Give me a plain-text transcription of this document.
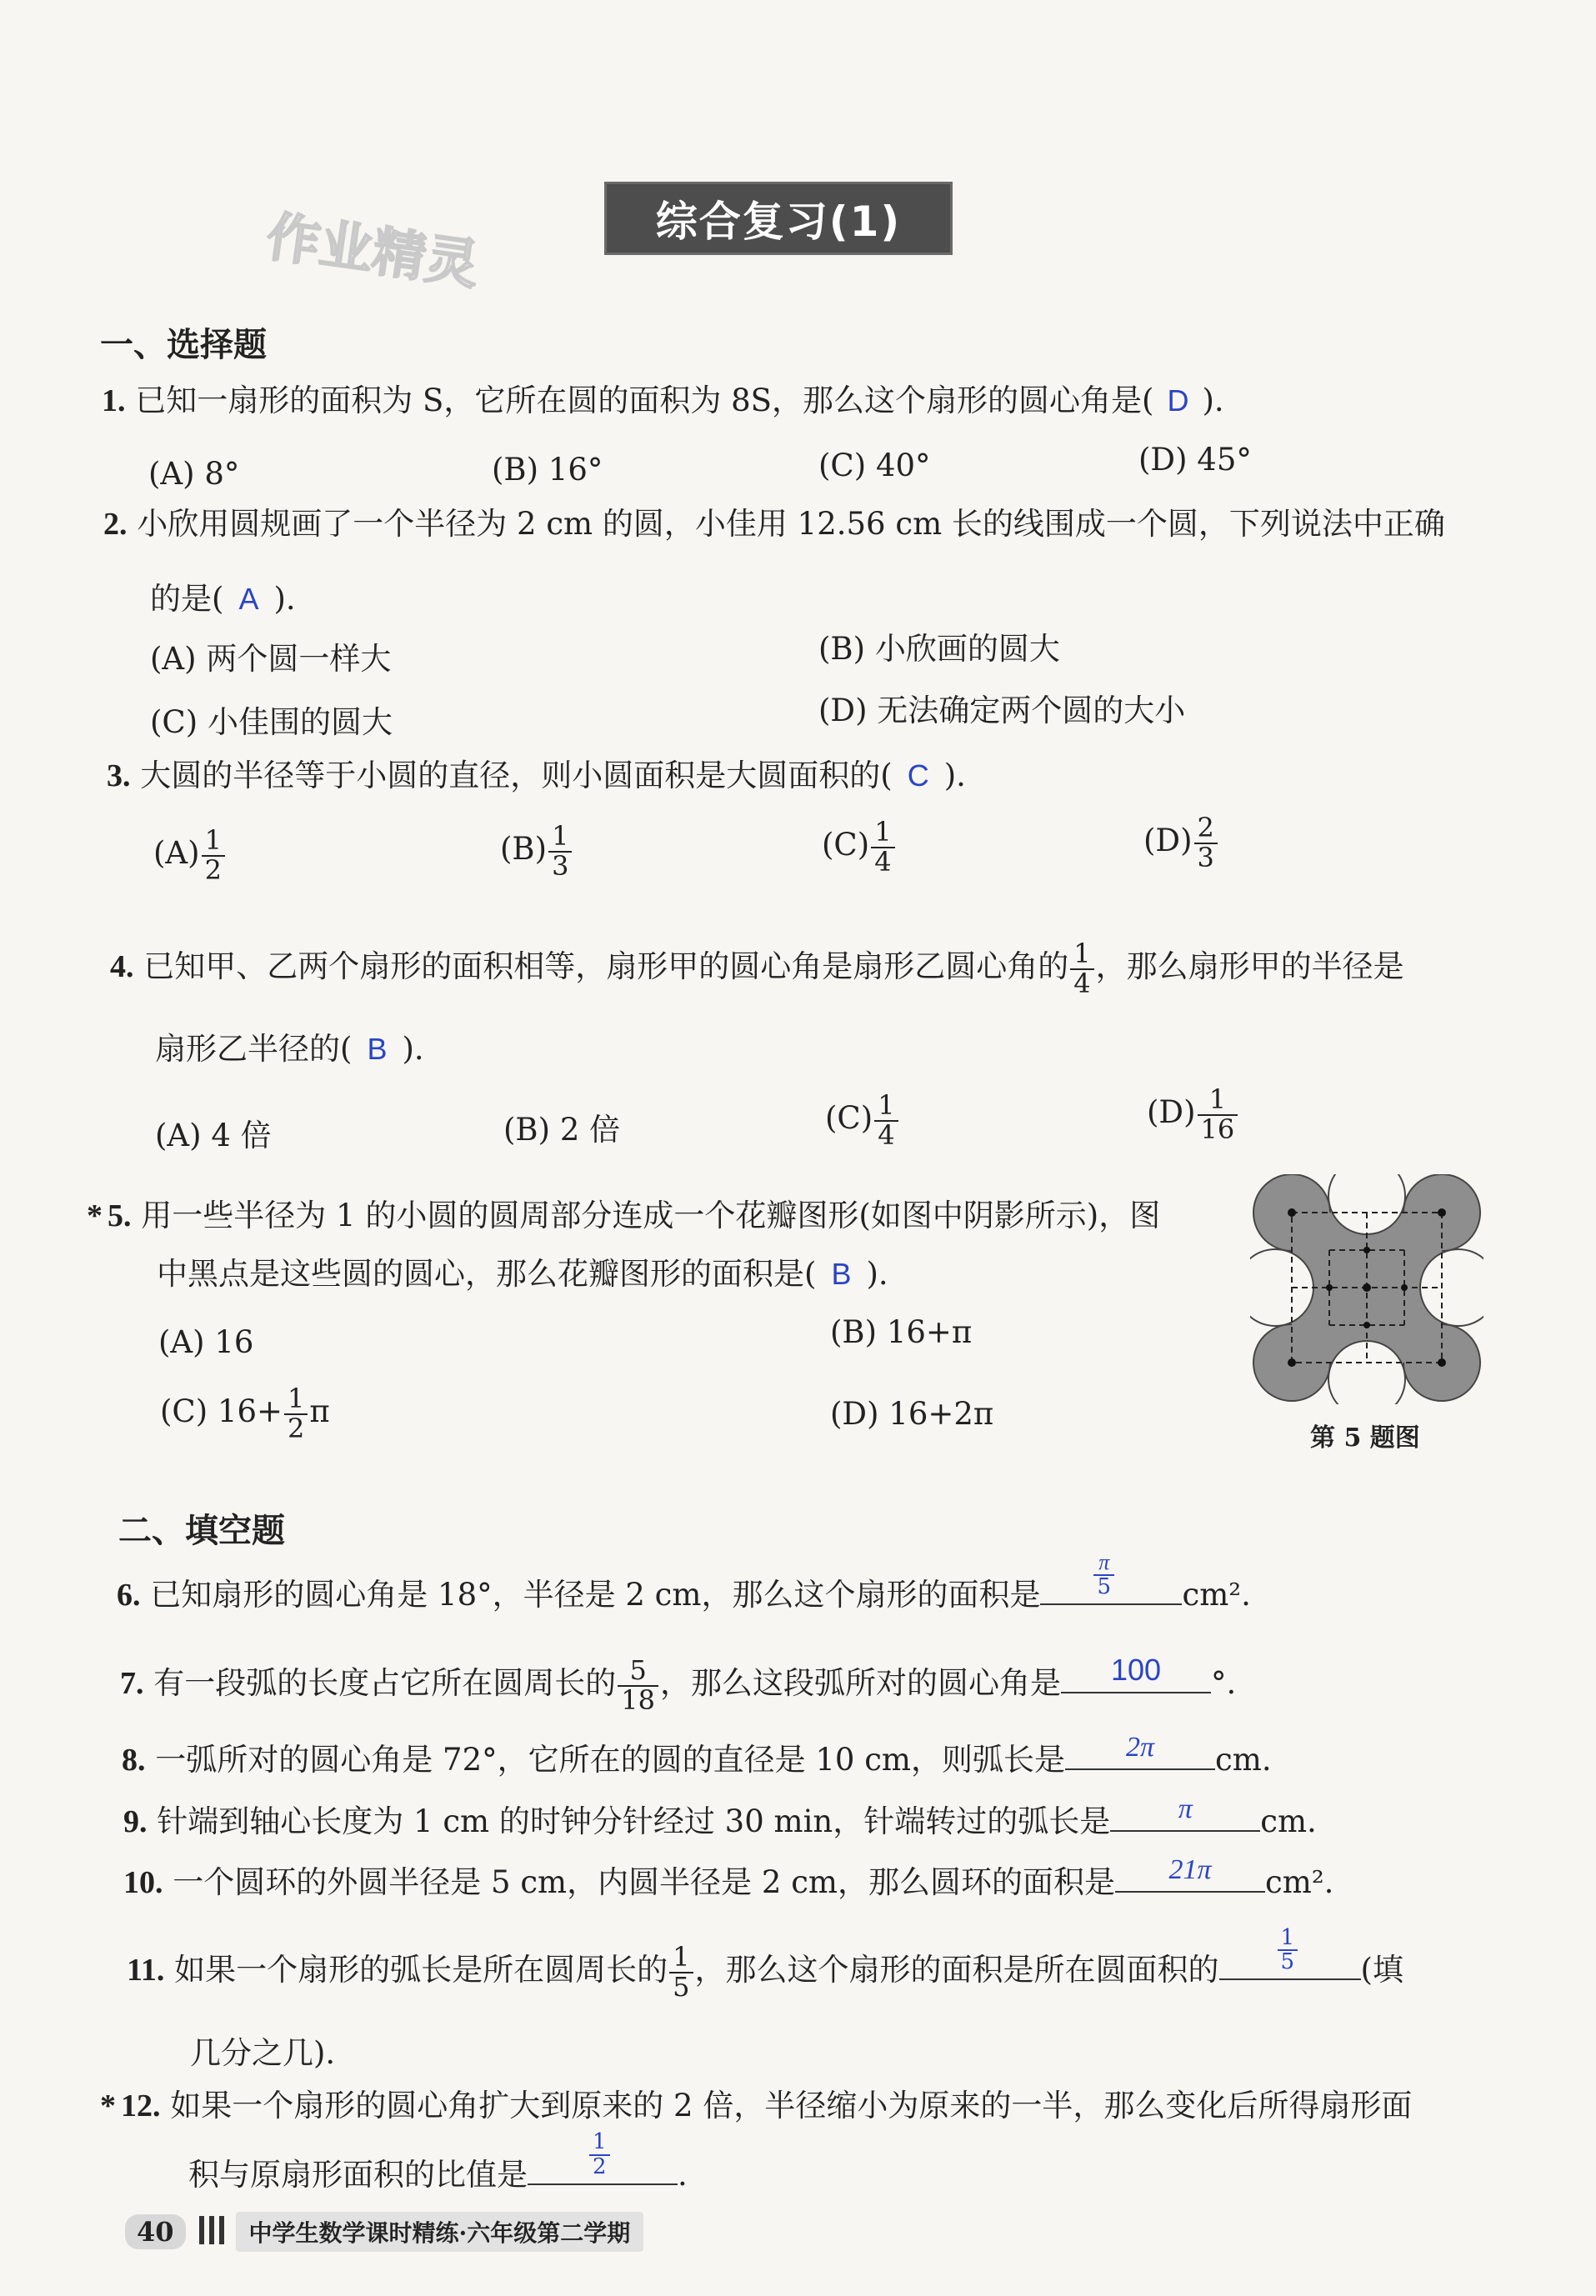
作业精灵	综合复习(1)
一、选择题
1. 已知一扇形的面积为 S，它所在圆的面积为 8S，那么这个扇形的圆心角是( D ).
(A) 8°	(B) 16°	(C) 40°	(D) 45°
2. 小欣用圆规画了一个半径为 2 cm 的圆，小佳用 12.56 cm 长的线围成一个圆，下列说法中正确
的是( A ).
(A) 两个圆一样大	(B) 小欣画的圆大
(C) 小佳围的圆大	(D) 无法确定两个圆的大小
3. 大圆的半径等于小圆的直径，则小圆面积是大圆面积的( C ).
$(A) \frac{1}{2}$	$(B) \frac{1}{3}$	$(C) \frac{1}{4}$	$(D) \frac{2}{3}$
4. 已知甲、乙两个扇形的面积相等，扇形甲的圆心角是扇形乙圆心角的 $\frac{1}{4}$ ，那么扇形甲的半径是
扇形乙半径的( B ).
(A) 4 倍	(B) 2 倍	$(C) \frac{1}{4}$	$(D) \frac{1}{16}$
* 5. 用一些半径为 1 的小圆的圆周部分连成一个花瓣图形(如图中阴影所示)，图
中黑点是这些圆的圆心，那么花瓣图形的面积是( B ).
(A) 16	(B) 16+π
(C) $16+ \frac{1}{2}$ π	(D) 16+2π
第 5 题图
二、填空题
6. 已知扇形的圆心角是 18°，半径是 2 cm，那么这个扇形的面积是 $\frac{\pi}{5} cm^2$.
7. 有一段弧的长度占它所在圆周长的 $\frac{5}{18}$ ，那么这段弧所对的圆心角是	100	°.
8. 一弧所对的圆心角是 72°，它所在的圆的直径是 10 cm，则弧长是	2π	cm.
9. 针端到轴心长度为 1 cm 的时钟分针经过 30 min，针端转过的弧长是	π	cm.
10. 一个圆环的外圆半径是 5 cm，内圆半径是 2 cm，那么圆环的面积是	21π	cm².
11. 如果一个扇形的弧长是所在圆周长的 $\frac{1}{5}$ ，那么这个扇形的面积是所在圆面积的	$\frac{1}{5}$ (填
几分之几).
* 12. 如果一个扇形的圆心角扩大到原来的 2 倍，半径缩小为原来的一半，那么变化后所得扇形面
积与原扇形面积的比值是	$\frac{1}{2}$ .
40	中学生数学课时精练·六年级第二学期
